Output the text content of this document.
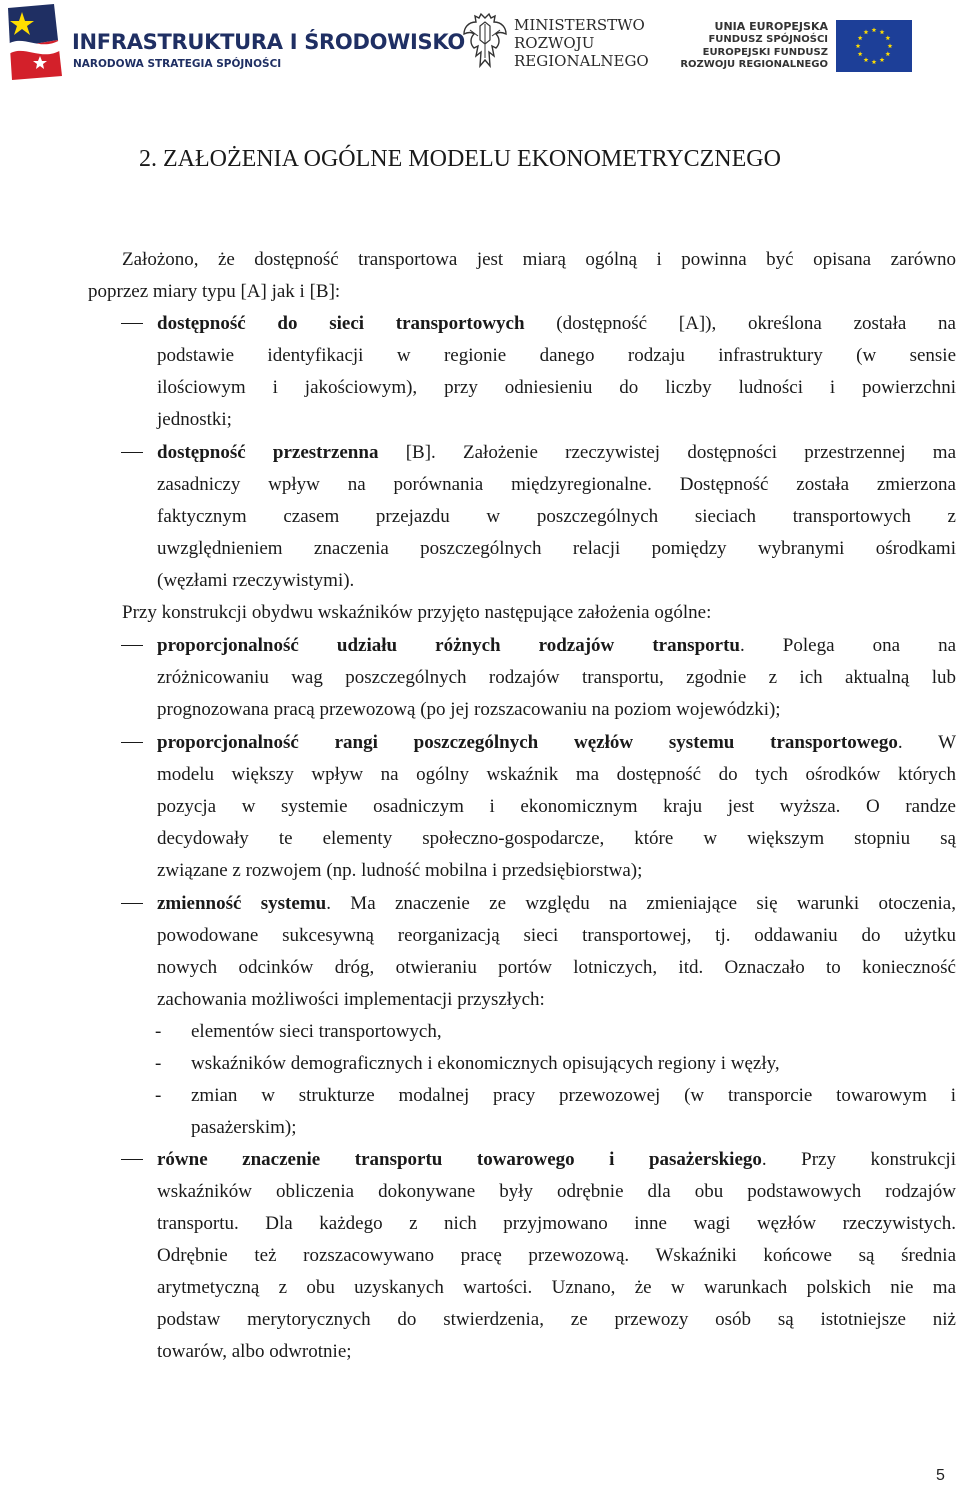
INFRASTRUKTURA I ŚRODOWISKO
NARODOWA STRATEGIA SPÓJNOŚCI
MINISTERSTWO
ROZWOJU
REGIONALNEGO
UNIA EUROPEJSKA
FUNDUSZ SPÓJNOŚCI
EUROPEJSKI FUNDUSZ
ROZWOJU REGIONALNEGO
2. ZAŁOŻENIA OGÓLNE MODELU EKONOMETRYCZNEGO
Założono, że dostępność transportowa jest miarą ogólną i powinna być opisana zarówno
poprzez miary typu [A] jak i [B]:
dostępność do sieci transportowych (dostępność [A]), określona została na
podstawie identyfikacji w regionie danego rodzaju infrastruktury (w sensie
ilościowym i jakościowym), przy odniesieniu do liczby ludności i powierzchni
jednostki;
dostępność przestrzenna [B]. Założenie rzeczywistej dostępności przestrzennej ma
zasadniczy wpływ na porównania międzyregionalne. Dostępność została zmierzona
faktycznym czasem przejazdu w poszczególnych sieciach transportowych z
uwzględnieniem znaczenia poszczególnych relacji pomiędzy wybranymi ośrodkami
(węzłami rzeczywistymi).
Przy konstrukcji obydwu wskaźników przyjęto następujące założenia ogólne:
proporcjonalność udziału różnych rodzajów transportu. Polega ona na
zróżnicowaniu wag poszczególnych rodzajów transportu, zgodnie z ich aktualną lub
prognozowana pracą przewozową (po jej rozszacowaniu na poziom wojewódzki);
proporcjonalność rangi poszczególnych węzłów systemu transportowego. W
modelu większy wpływ na ogólny wskaźnik ma dostępność do tych ośrodków których
pozycja w systemie osadniczym i ekonomicznym kraju jest wyższa. O randze
decydowały te elementy społeczno-gospodarcze, które w większym stopniu są
związane z rozwojem (np. ludność mobilna i przedsiębiorstwa);
zmienność systemu. Ma znaczenie ze względu na zmieniające się warunki otoczenia,
powodowane sukcesywną reorganizacją sieci transportowej, tj. oddawaniu do użytku
nowych odcinków dróg, otwieraniu portów lotniczych, itd. Oznaczało to konieczność
zachowania możliwości implementacji przyszłych:
- elementów sieci transportowych,
- wskaźników demograficznych i ekonomicznych opisujących regiony i węzły,
- zmian w strukturze modalnej pracy przewozowej (w transporcie towarowym i
pasażerskim);
równe znaczenie transportu towarowego i pasażerskiego. Przy konstrukcji
wskaźników obliczenia dokonywane były odrębnie dla obu podstawowych rodzajów
transportu. Dla każdego z nich przyjmowano inne wagi węzłów rzeczywistych.
Odrębnie też rozszacowywano pracę przewozową. Wskaźniki końcowe są średnia
arytmetyczną z obu uzyskanych wartości. Uznano, że w warunkach polskich nie ma
podstaw merytorycznych do stwierdzenia, ze przewozy osób są istotniejsze niż
towarów, albo odwrotnie;
5
